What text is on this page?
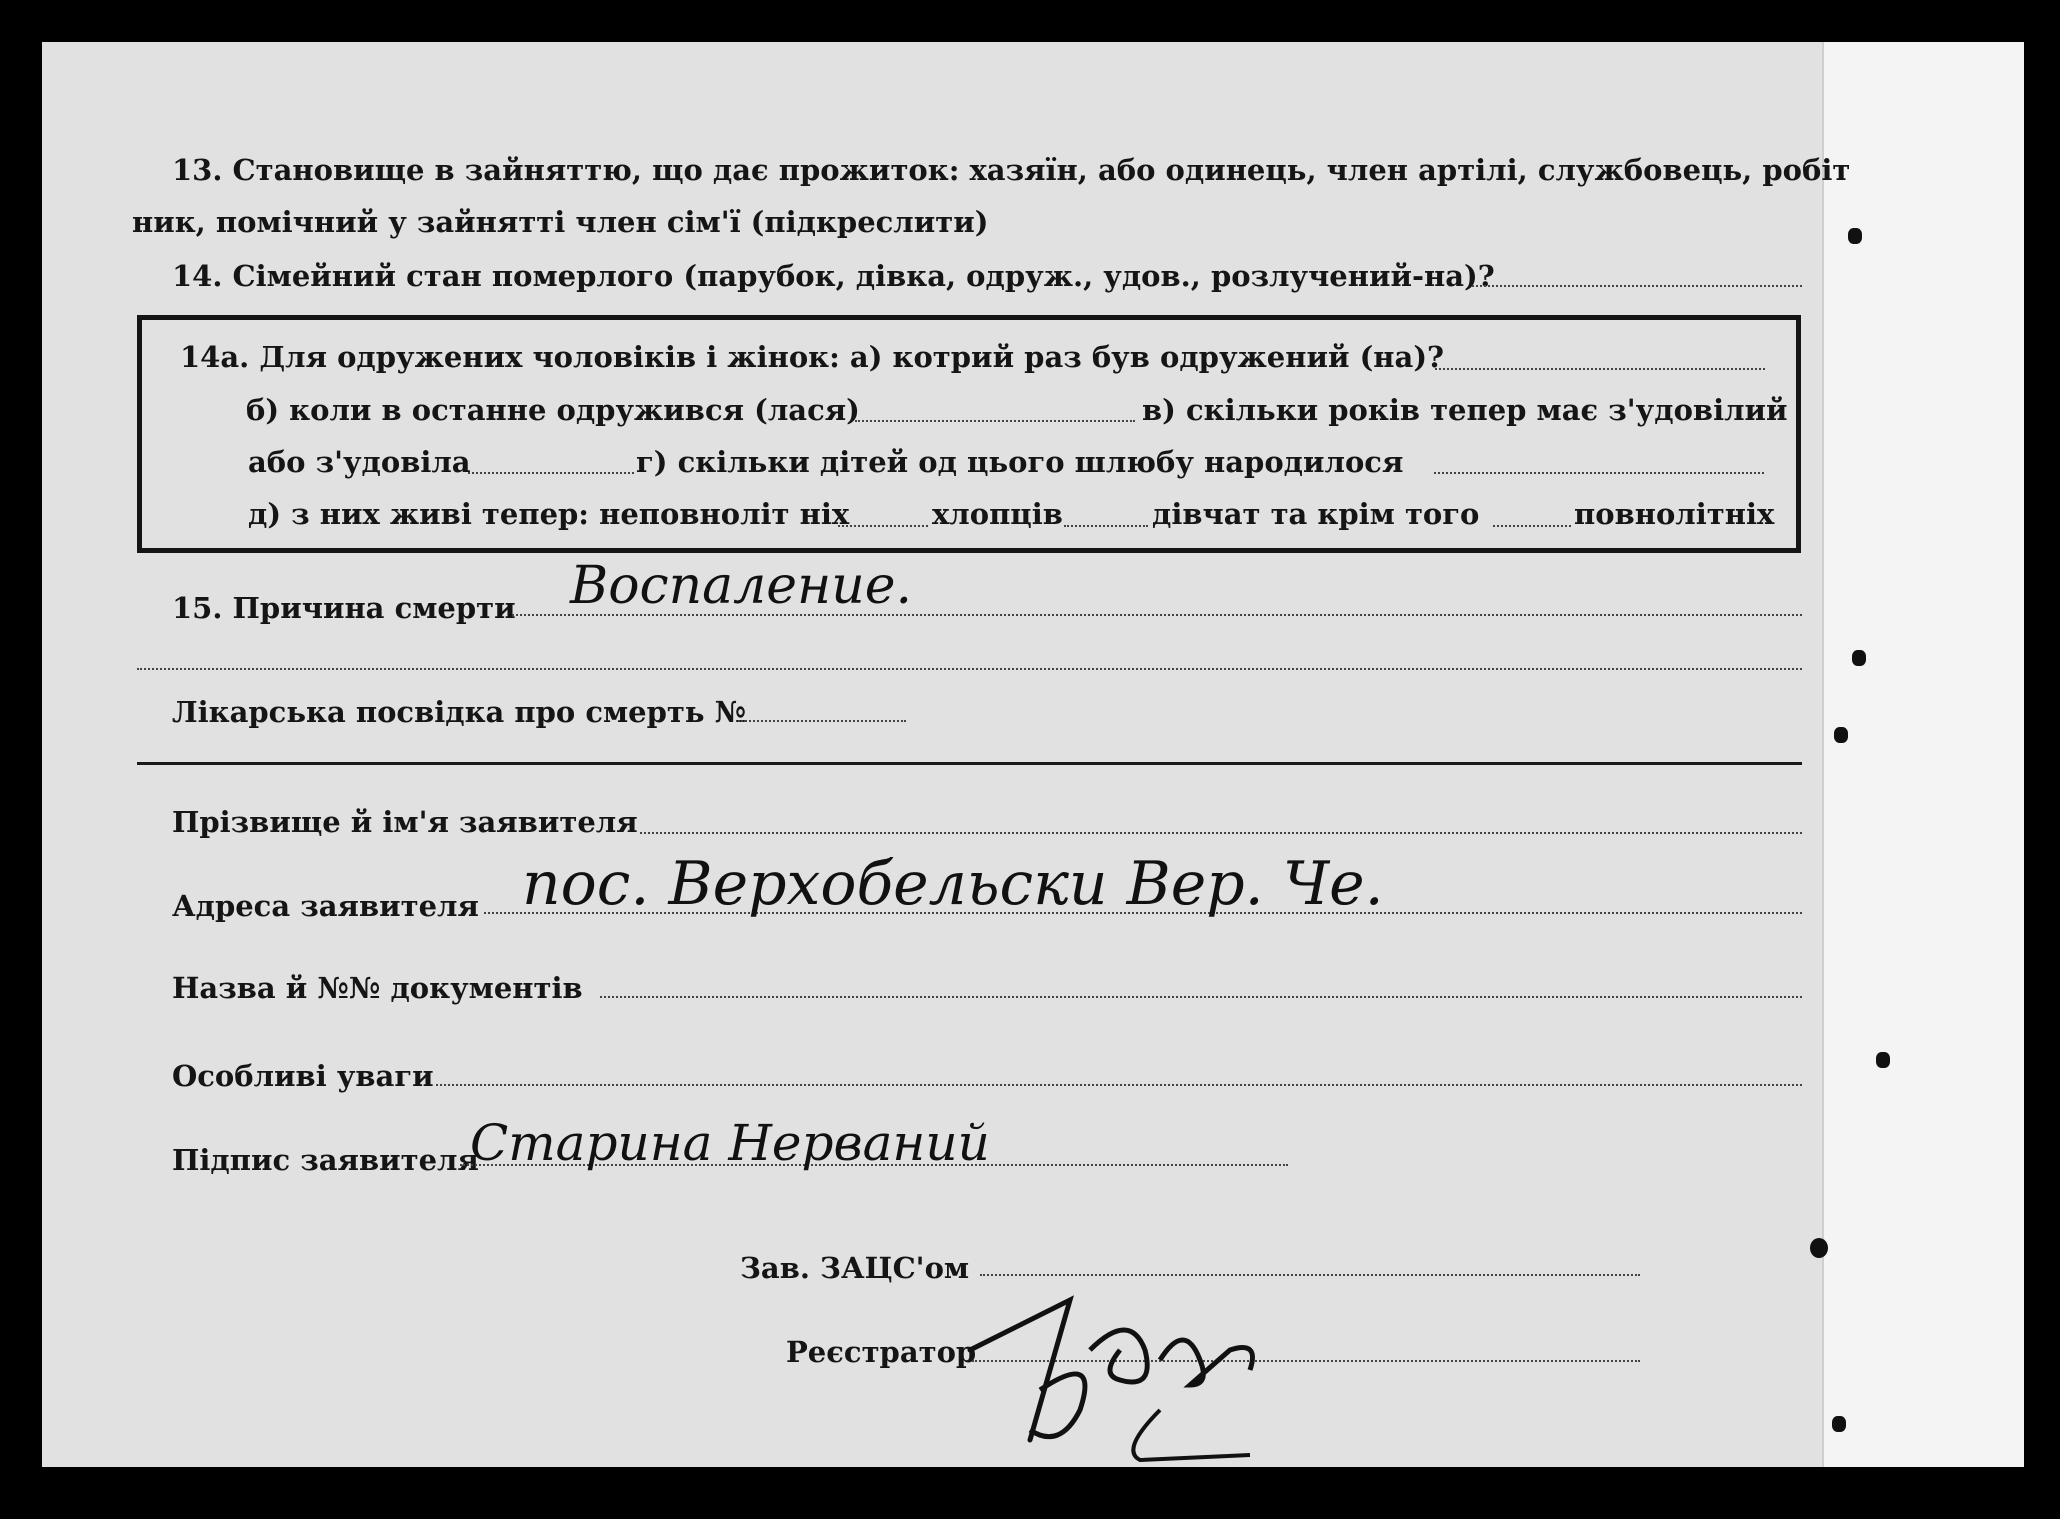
13. Становище в зайняттю, що дає прожиток: хазяїн, або одинець, член артілі, службовець, робіт
ник, помічний у зайнятті член сім'ї (підкреслити)
14. Сімейний стан померлого (парубок, дівка, одруж., удов., розлучений-на)?
14а. Для одружених чоловіків і жінок: а) котрий раз був одружений (на)?
б) коли в останне одружився (лася)	в) скільки років тепер має з'удовілий
або з'удовіла	г) скільки дітей од цього шлюбу народилося
д) з них живі тепер: неповноліт ніх	хлопців	дівчат та крім того	повнолітніх
15. Причина смерти Воспаление.
Лікарська посвідка про смерть №
Прізвище й ім'я заявителя
Адреса заявителя пос. Верхобельски Вер. Че.
Назва й №№ документів
Особливі уваги
Підпис заявителя
Старина Нерваний
Зав. ЗАЦС'ом
Реєстратор
